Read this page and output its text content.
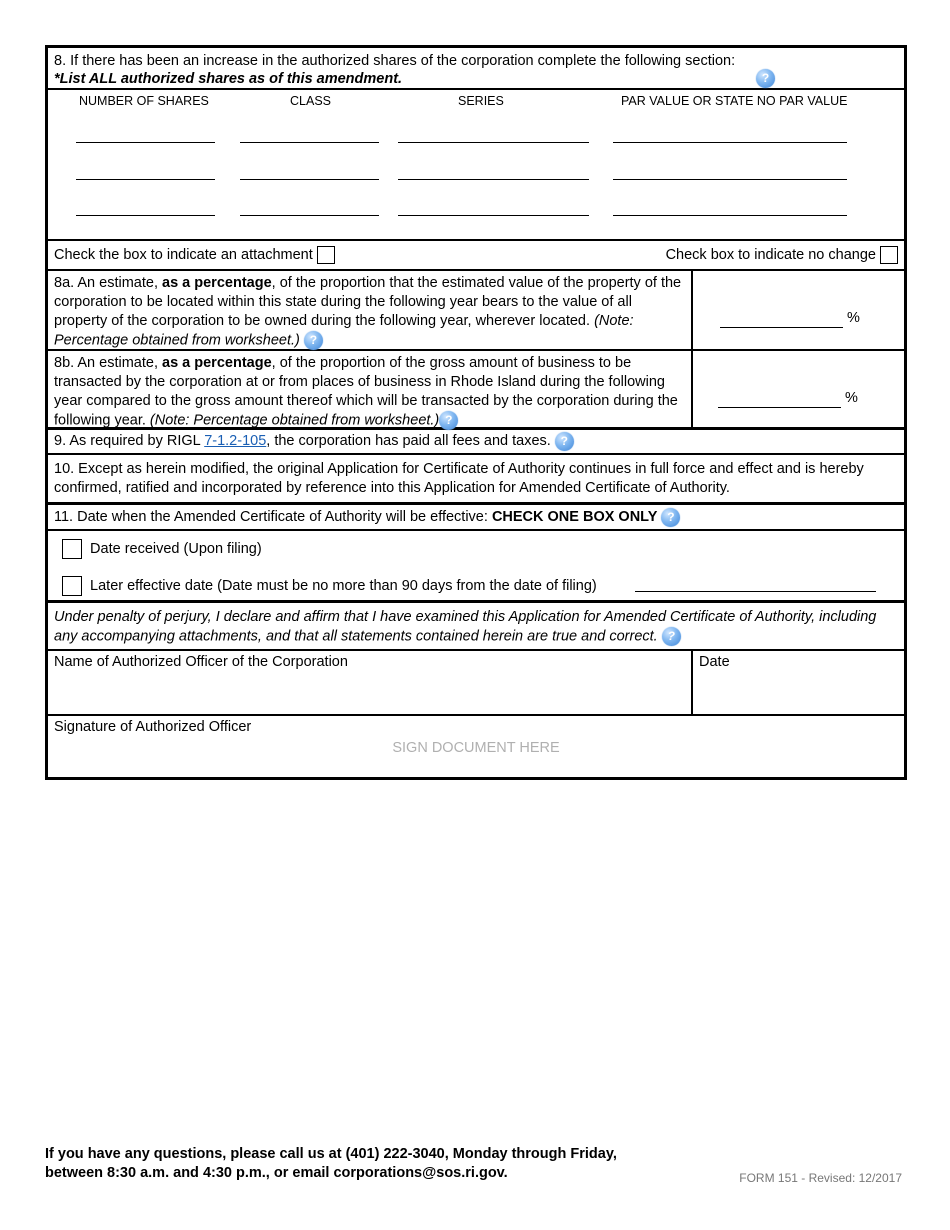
8. If there has been an increase in the authorized shares of the corporation complete the following section:
*List ALL authorized shares as of this amendment.	?
NUMBER OF SHARES	CLASS	SERIES	PAR VALUE OR STATE NO PAR VALUE
Check the box to indicate an attachment	Check box to indicate no change
8a. An estimate, as a percentage, of the proportion that the estimated value of the property of the corporation to be located within this state during the following year bears to the value of all property of the corporation to be owned during the following year, wherever located. (Note: Percentage obtained from worksheet.) ?
%
8b. An estimate, as a percentage, of the proportion of the gross amount of business to be transacted by the corporation at or from places of business in Rhode Island during the following year compared to the gross amount thereof which will be transacted by the corporation during the following year. (Note: Percentage obtained from worksheet.) ?
%
9. As required by RIGL 7-1.2-105, the corporation has paid all fees and taxes. ?
10. Except as herein modified, the original Application for Certificate of Authority continues in full force and effect and is hereby confirmed, ratified and incorporated by reference into this Application for Amended Certificate of Authority.
11. Date when the Amended Certificate of Authority will be effective: CHECK ONE BOX ONLY ?
Date received (Upon filing)
Later effective date (Date must be no more than 90 days from the date of filing)
Under penalty of perjury, I declare and affirm that I have examined this Application for Amended Certificate of Authority, including any accompanying attachments, and that all statements contained herein are true and correct. ?
Name of Authorized Officer of the Corporation	Date
Signature of Authorized Officer
SIGN DOCUMENT HERE
If you have any questions, please call us at (401) 222-3040, Monday through Friday,
between 8:30 a.m. and 4:30 p.m., or email corporations@sos.ri.gov.	FORM 151 - Revised: 12/2017
